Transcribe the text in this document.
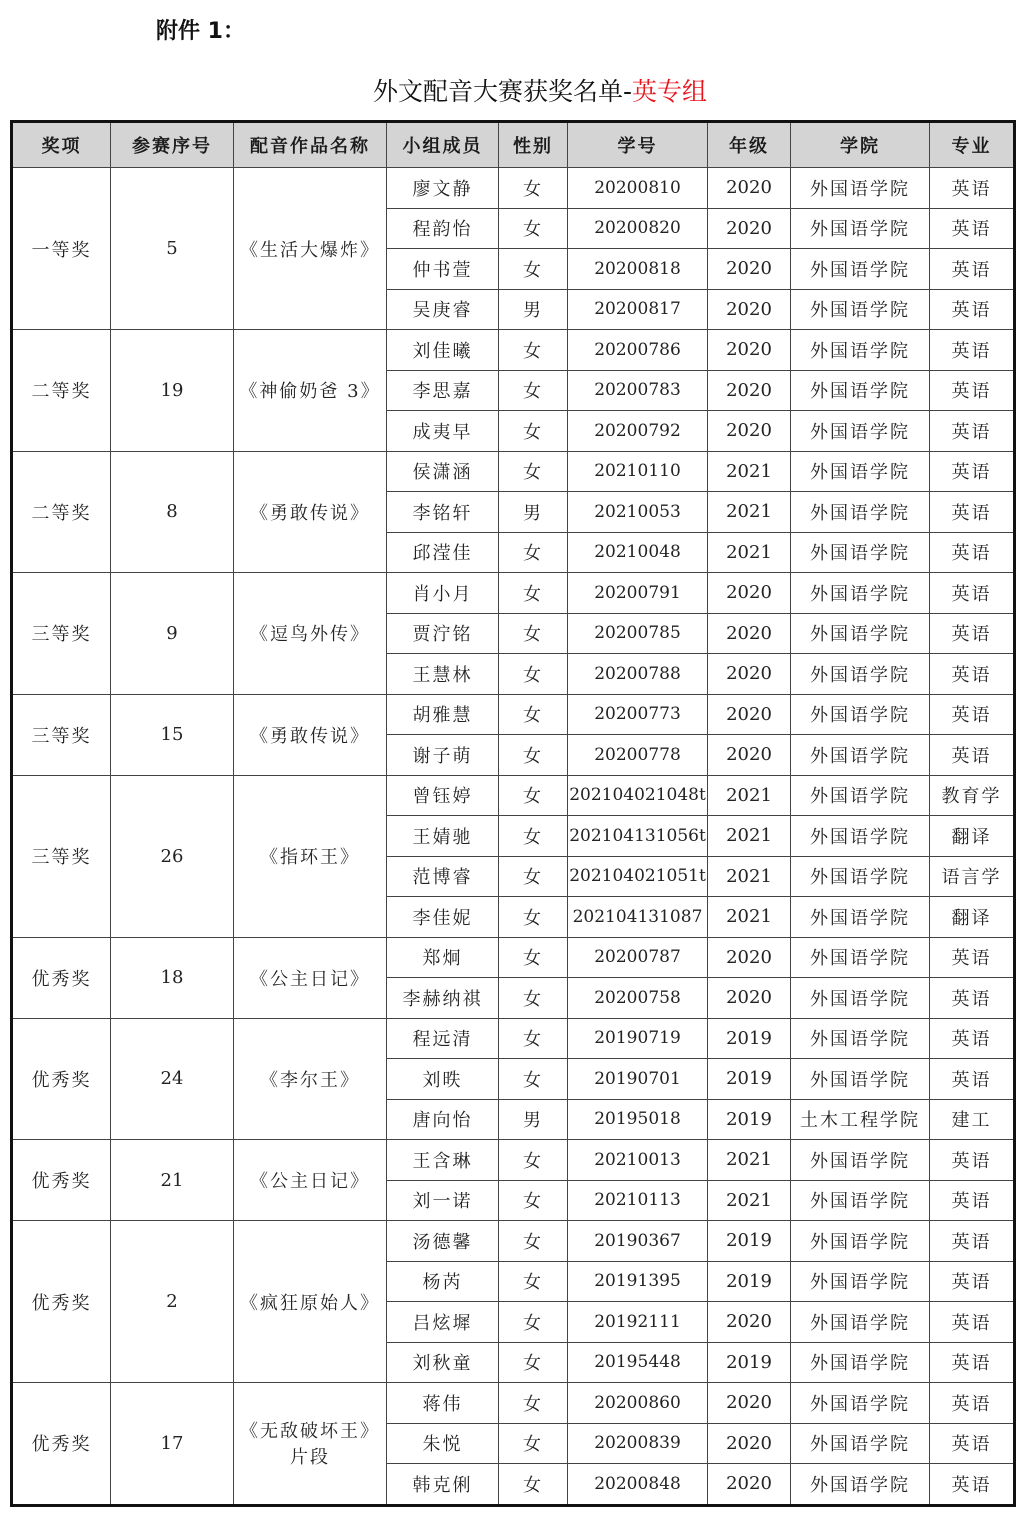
附件 1：
外文配音大赛获奖名单-英专组
奖项	参赛序号	配音作品名称	小组成员	性别	学号	年级	学院	专业
一等奖	5	《生活大爆炸》	廖文静	女	20200810	2020	外国语学院	英语
			程韵怡	女	20200820	2020	外国语学院	英语
			仲书萱	女	20200818	2020	外国语学院	英语
			吴庚睿	男	20200817	2020	外国语学院	英语
二等奖	19	《神偷奶爸 3》	刘佳曦	女	20200786	2020	外国语学院	英语
			李思嘉	女	20200783	2020	外国语学院	英语
			成夷早	女	20200792	2020	外国语学院	英语
二等奖	8	《勇敢传说》	侯潇涵	女	20210110	2021	外国语学院	英语
			李铭轩	男	20210053	2021	外国语学院	英语
			邱滢佳	女	20210048	2021	外国语学院	英语
三等奖	9	《逗鸟外传》	肖小月	女	20200791	2020	外国语学院	英语
			贾泞铭	女	20200785	2020	外国语学院	英语
			王慧林	女	20200788	2020	外国语学院	英语
三等奖	15	《勇敢传说》	胡雅慧	女	20200773	2020	外国语学院	英语
			谢子萌	女	20200778	2020	外国语学院	英语
三等奖	26	《指环王》	曾钰婷	女	202104021048t	2021	外国语学院	教育学
			王婧驰	女	202104131056t	2021	外国语学院	翻译
			范博睿	女	202104021051t	2021	外国语学院	语言学
			李佳妮	女	202104131087	2021	外国语学院	翻译
优秀奖	18	《公主日记》	郑炯	女	20200787	2020	外国语学院	英语
			李赫纳祺	女	20200758	2020	外国语学院	英语
优秀奖	24	《李尔王》	程远清	女	20190719	2019	外国语学院	英语
			刘昳	女	20190701	2019	外国语学院	英语
			唐向怡	男	20195018	2019	土木工程学院	建工
优秀奖	21	《公主日记》	王含琳	女	20210013	2021	外国语学院	英语
			刘一诺	女	20210113	2021	外国语学院	英语
优秀奖	2	《疯狂原始人》	汤德馨	女	20190367	2019	外国语学院	英语
			杨芮	女	20191395	2019	外国语学院	英语
			吕炫墀	女	20192111	2020	外国语学院	英语
			刘秋童	女	20195448	2019	外国语学院	英语
优秀奖	17	《无敌破坏王》片段	蒋伟	女	20200860	2020	外国语学院	英语
			朱悦	女	20200839	2020	外国语学院	英语
			韩克俐	女	20200848	2020	外国语学院	英语
